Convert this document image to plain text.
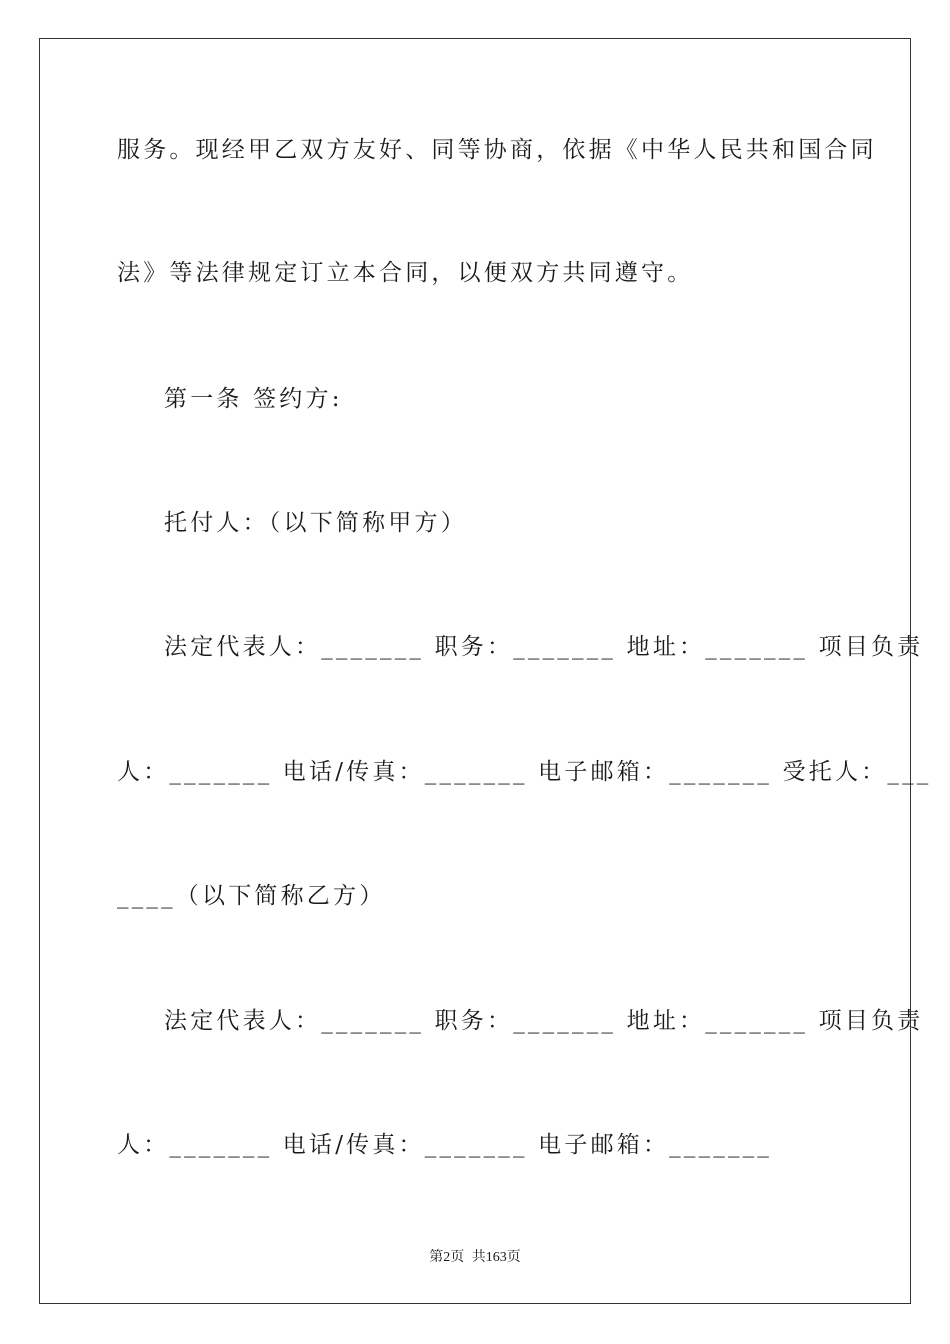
服务。现经甲乙双方友好、同等协商，依据《中华人民共和国合同
法》等法律规定订立本合同，以便双方共同遵守。
第一条 签约方:
托付人：（以下简称甲方）
法定代表人：_______ 职务：_______ 地址：_______ 项目负责
人：_______ 电话/传真：_______ 电子邮箱：_______ 受托人：___
____（以下简称乙方）
法定代表人：_______ 职务：_______ 地址：_______ 项目负责
人：_______ 电话/传真：_______ 电子邮箱：_______
第2页 共163页
